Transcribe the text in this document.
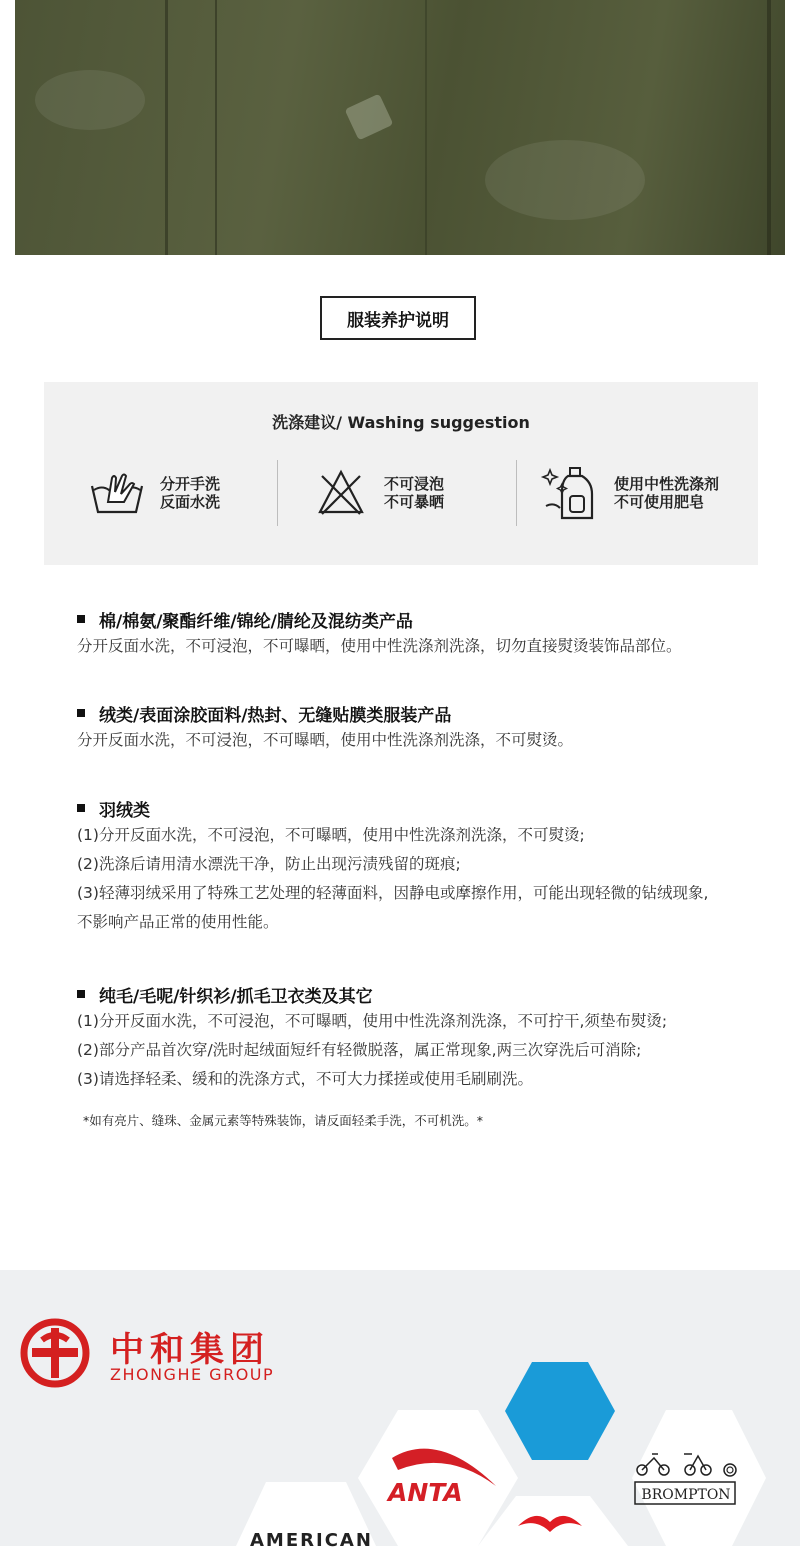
服装养护说明
洗涤建议/ Washing suggestion
分开手洗
反面水洗
不可浸泡
不可暴晒
使用中性洗涤剂
不可使用肥皂
棉/棉氨/聚酯纤维/锦纶/腈纶及混纺类产品
分开反面水洗，不可浸泡，不可曝晒，使用中性洗涤剂洗涤，切勿直接熨烫装饰品部位。
绒类/表面涂胶面料/热封、无缝贴膜类服装产品
分开反面水洗，不可浸泡，不可曝晒，使用中性洗涤剂洗涤，不可熨烫。
羽绒类
(1)分开反面水洗，不可浸泡，不可曝晒，使用中性洗涤剂洗涤，不可熨烫;
(2)洗涤后请用清水漂洗干净，防止出现污渍残留的斑痕;
(3)轻薄羽绒采用了特殊工艺处理的轻薄面料，因静电或摩擦作用，可能出现轻微的钻绒现象,
不影响产品正常的使用性能。
纯毛/毛呢/针织衫/抓毛卫衣类及其它
(1)分开反面水洗，不可浸泡，不可曝晒，使用中性洗涤剂洗涤，不可拧干,须垫布熨烫;
(2)部分产品首次穿/洗时起绒面短纤有轻微脱落，属正常现象,两三次穿洗后可消除;
(3)请选择轻柔、缓和的洗涤方式，不可大力揉搓或使用毛刷刷洗。
*如有亮片、缝珠、金属元素等特殊装饰，请反面轻柔手洗，不可机洗。*
中和集团
ZHONGHE GROUP
ANTA	BROMPTON
AMERICAN
